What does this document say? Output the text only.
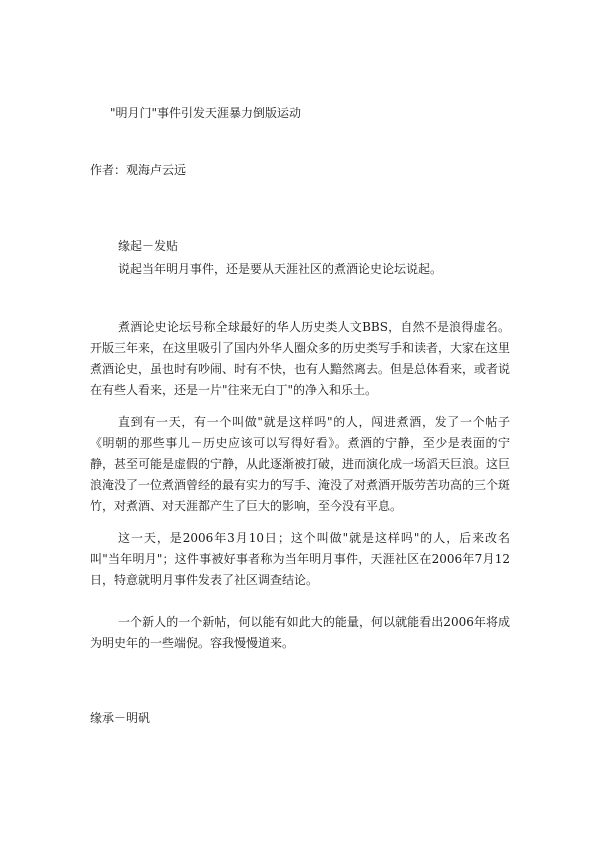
"明月门"事件引发天涯暴力倒版运动

作者：观海卢云远

缘起－发贴

说起当年明月事件，还是要从天涯社区的煮酒论史论坛说起。

煮酒论史论坛号称全球最好的华人历史类人文BBS，自然不是浪得虚名。开版三年来，在这里吸引了国内外华人圈众多的历史类写手和读者，大家在这里煮酒论史，虽也时有吵闹、时有不快，也有人黯然离去。但是总体看来，或者说在有些人看来，还是一片"往来无白丁"的净入和乐土。

直到有一天，有一个叫做"就是这样吗"的人，闯进煮酒，发了一个帖子《明朝的那些事儿－历史应该可以写得好看》。煮酒的宁静，至少是表面的宁静，甚至可能是虚假的宁静，从此逐渐被打破，进而演化成一场滔天巨浪。这巨浪淹没了一位煮酒曾经的最有实力的写手、淹没了对煮酒开版劳苦功高的三个斑竹，对煮酒、对天涯都产生了巨大的影响，至今没有平息。

这一天，是2006年3月10日；这个叫做"就是这样吗"的人，后来改名叫"当年明月"；这件事被好事者称为当年明月事件，天涯社区在2006年7月12日，特意就明月事件发表了社区调查结论。

一个新人的一个新帖，何以能有如此大的能量，何以就能看出2006年将成为明史年的一些端倪。容我慢慢道来。

缘承－明矾
